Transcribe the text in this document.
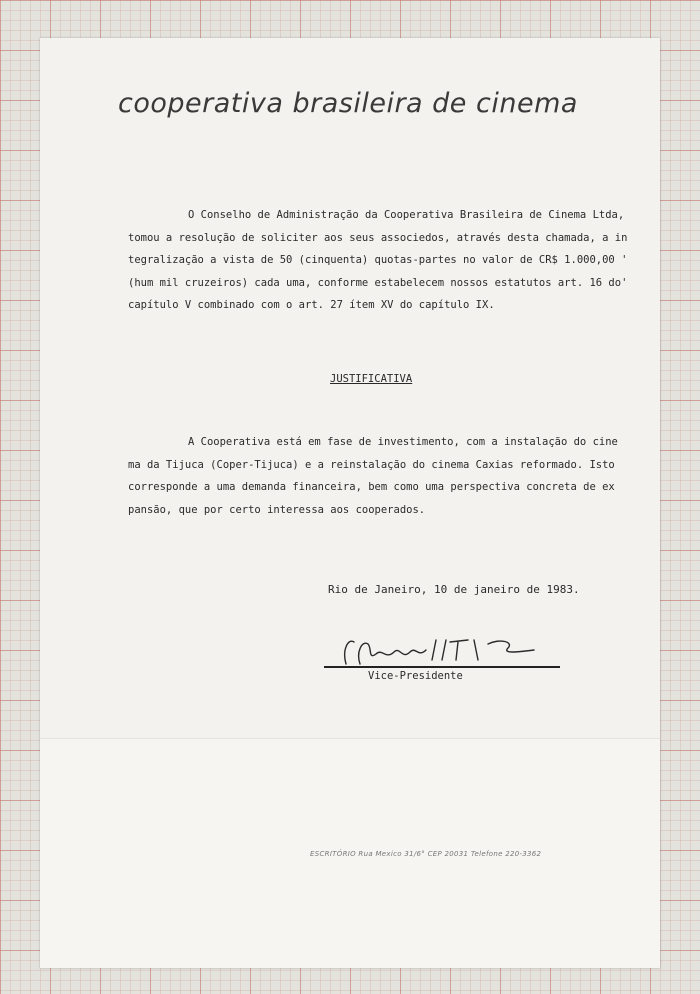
cooperativa brasileira de cinema
O Conselho de Administração da Cooperativa Brasileira de Cinema Ltda,
tomou a resolução de soliciter aos seus associedos, através desta chamada, a in
tegralização a vista de 50 (cinquenta) quotas-partes no valor de CR$ 1.000,00 '
(hum mil cruzeiros) cada uma, conforme estabelecem nossos estatutos art. 16 do'
capítulo V combinado com o art. 27 ítem XV do capítulo IX.
JUSTIFICATIVA
A Cooperativa está em fase de investimento, com a instalação do cine
ma da Tijuca (Coper-Tijuca) e a reinstalação do cinema Caxias reformado. Isto
corresponde a uma demanda financeira, bem como uma perspectiva concreta de ex
pansão, que por certo interessa aos cooperados.
Rio de Janeiro, 10 de janeiro de 1983.
Vice-Presidente
ESCRITÓRIO Rua Mexico 31/6° CEP 20031 Telefone 220-3362
